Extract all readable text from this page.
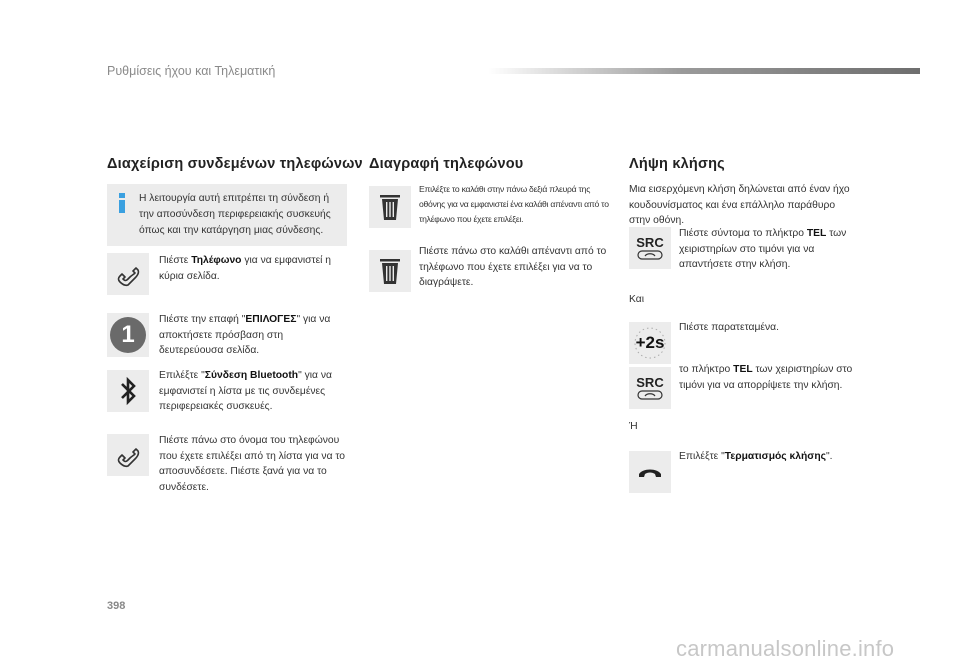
Ρυθμίσεις ήχου και Τηλεματική
Διαχείριση συνδεμένων τηλεφώνων
Η λειτουργία αυτή επιτρέπει τη σύνδεση ή την αποσύνδεση περιφερειακής συσκευής όπως και την κατάργηση μιας σύνδεσης.
Πιέστε Τηλέφωνο για να εμφανιστεί η κύρια σελίδα.
1
Πιέστε την επαφή "ΕΠΙΛΟΓΕΣ" για να αποκτήσετε πρόσβαση στη δευτερεύουσα σελίδα.
Επιλέξτε "Σύνδεση Bluetooth" για να εμφανιστεί η λίστα με τις συνδεμένες περιφερειακές συσκευές.
Πιέστε πάνω στο όνομα του τηλεφώνου που έχετε επιλέξει από τη λίστα για να το αποσυνδέσετε. Πιέστε ξανά για να το συνδέσετε.
Διαγραφή τηλεφώνου
Επιλέξτε το καλάθι στην πάνω δεξιά πλευρά της οθόνης για να εμφανιστεί ένα καλάθι απέναντι από το τηλέφωνο που έχετε επιλέξει.
Πιέστε πάνω στο καλάθι απέναντι από το τηλέφωνο που έχετε επιλέξει για να το διαγράψετε.
Λήψη κλήσης
Μια εισερχόμενη κλήση δηλώνεται από έναν ήχο κουδουνίσματος και ένα επάλληλο παράθυρο στην οθόνη.
SRC
Πιέστε σύντομα το πλήκτρο TEL των χειριστηρίων στο τιμόνι για να απαντήσετε στην κλήση.
Και
+2s
Πιέστε παρατεταμένα.
SRC
το πλήκτρο TEL των χειριστηρίων στο τιμόνι για να απορρίψετε την κλήση.
Ή
Επιλέξτε "Τερματισμός κλήσης".
398
carmanualsonline.info
